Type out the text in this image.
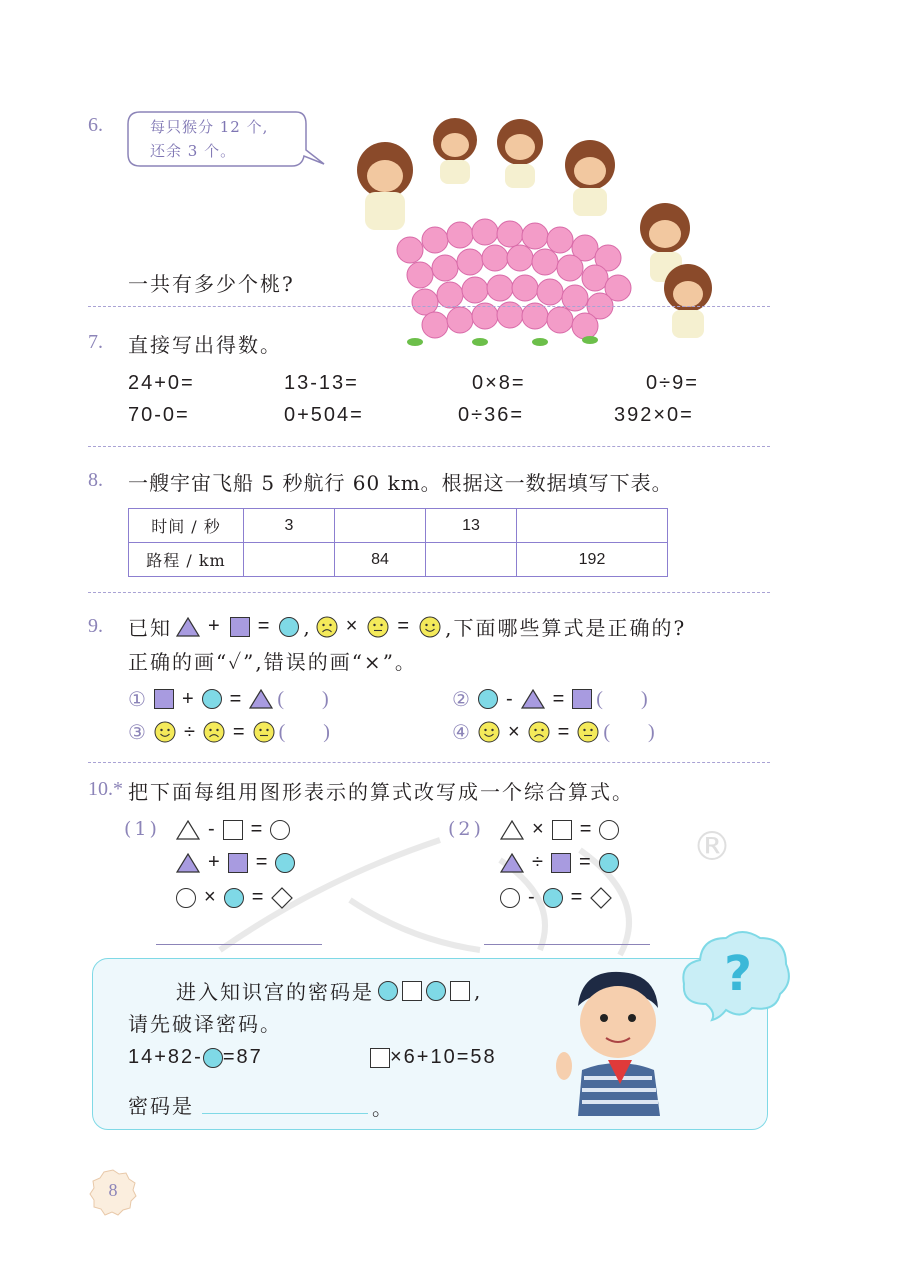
6.	每只猴分 12 个,
还余 3 个。
一共有多少个桃?
7. 直接写出得数。
24+0=	13-13=	0×8=	0÷9=
70-0=	0+504=	0÷36=	392×0=
8. 一艘宇宙飞船 5 秒航行 60 km。根据这一数据填写下表。
时间 / 秒	3		13	
路程 / km		84		192
9. 已知 + = , × = ,下面哪些算式是正确的?
正确的画“✓”,错误的画“×”。
① + = ( )	② - = ( )
③ ÷ = ( )	④ × = ( )
10.* 把下面每组用图形表示的算式改写成一个综合算式。
®
(1) - =
+ =
× =
(2) × =
÷ =
- =
?
进入知识宫的密码是	,
请先破译密码。
14+82- =87	×6+10=58
密码是	。
8
